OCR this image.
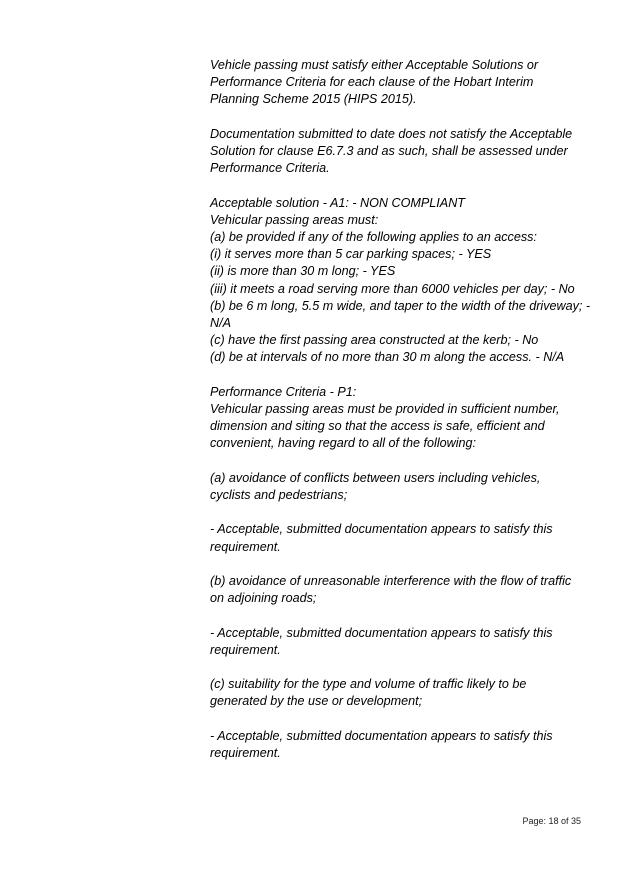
Vehicle passing must satisfy either Acceptable Solutions or
Performance Criteria for each clause of the Hobart Interim
Planning Scheme 2015 (HIPS 2015).
Documentation submitted to date does not satisfy the Acceptable
Solution for clause E6.7.3 and as such, shall be assessed under
Performance Criteria.
Acceptable solution - A1: - NON COMPLIANT
Vehicular passing areas must:
(a) be provided if any of the following applies to an access:
(i) it serves more than 5 car parking spaces; - YES
(ii) is more than 30 m long; - YES
(iii) it meets a road serving more than 6000 vehicles per day; - No
(b) be 6 m long, 5.5 m wide, and taper to the width of the driveway; -
N/A
(c) have the first passing area constructed at the kerb; - No
(d) be at intervals of no more than 30 m along the access. - N/A
Performance Criteria - P1:
Vehicular passing areas must be provided in sufficient number,
dimension and siting so that the access is safe, efficient and
convenient, having regard to all of the following:
(a) avoidance of conflicts between users including vehicles,
cyclists and pedestrians;
- Acceptable, submitted documentation appears to satisfy this
requirement.
(b) avoidance of unreasonable interference with the flow of traffic
on adjoining roads;
- Acceptable, submitted documentation appears to satisfy this
requirement.
(c) suitability for the type and volume of traffic likely to be
generated by the use or development;
- Acceptable, submitted documentation appears to satisfy this
requirement.
Page: 18 of 35
